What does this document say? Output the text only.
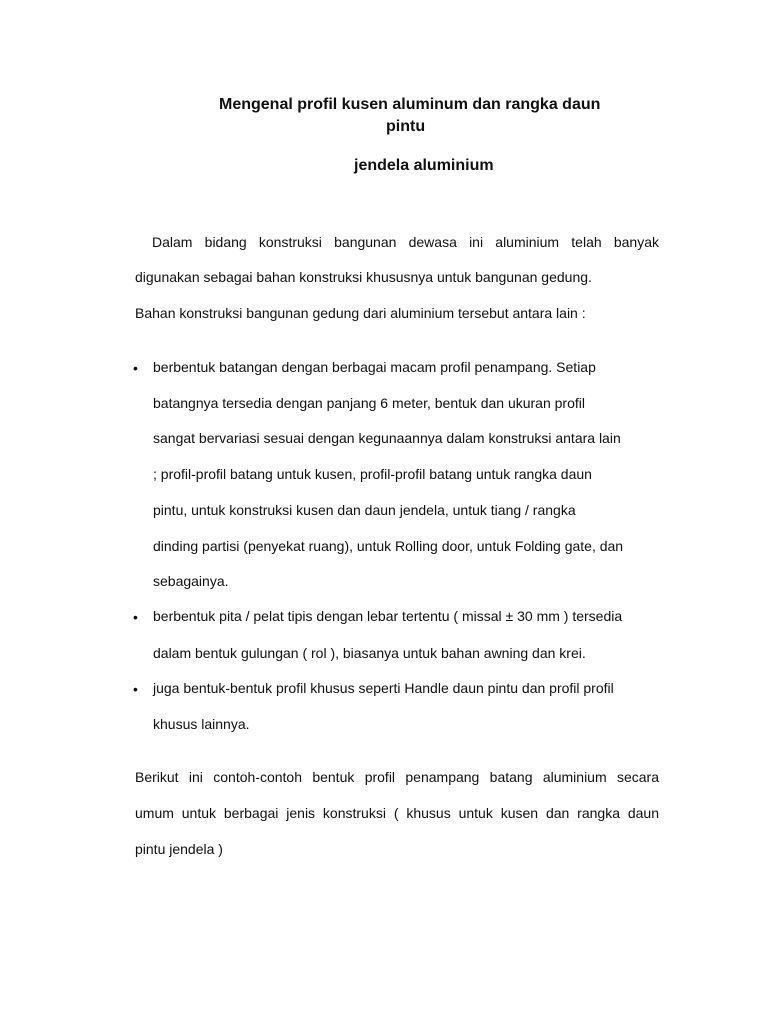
Mengenal profil kusen aluminum dan rangka daun
pintu
jendela aluminium
Dalam bidang konstruksi bangunan dewasa ini aluminium telah banyak
digunakan sebagai bahan konstruksi khususnya untuk bangunan gedung.
Bahan konstruksi bangunan gedung dari aluminium tersebut antara lain :
• berbentuk batangan dengan berbagai macam profil penampang. Setiap
batangnya tersedia dengan panjang 6 meter, bentuk dan ukuran profil
sangat bervariasi sesuai dengan kegunaannya dalam konstruksi antara lain
; profil-profil batang untuk kusen, profil-profil batang untuk rangka daun
pintu, untuk konstruksi kusen dan daun jendela, untuk tiang / rangka
dinding partisi (penyekat ruang), untuk Rolling door, untuk Folding gate, dan
sebagainya.
• berbentuk pita / pelat tipis dengan lebar tertentu ( missal ± 30 mm ) tersedia
dalam bentuk gulungan ( rol ), biasanya untuk bahan awning dan krei.
• juga bentuk-bentuk profil khusus seperti Handle daun pintu dan profil profil
khusus lainnya.
Berikut ini contoh-contoh bentuk profil penampang batang aluminium secara
umum untuk berbagai jenis konstruksi ( khusus untuk kusen dan rangka daun
pintu jendela )
